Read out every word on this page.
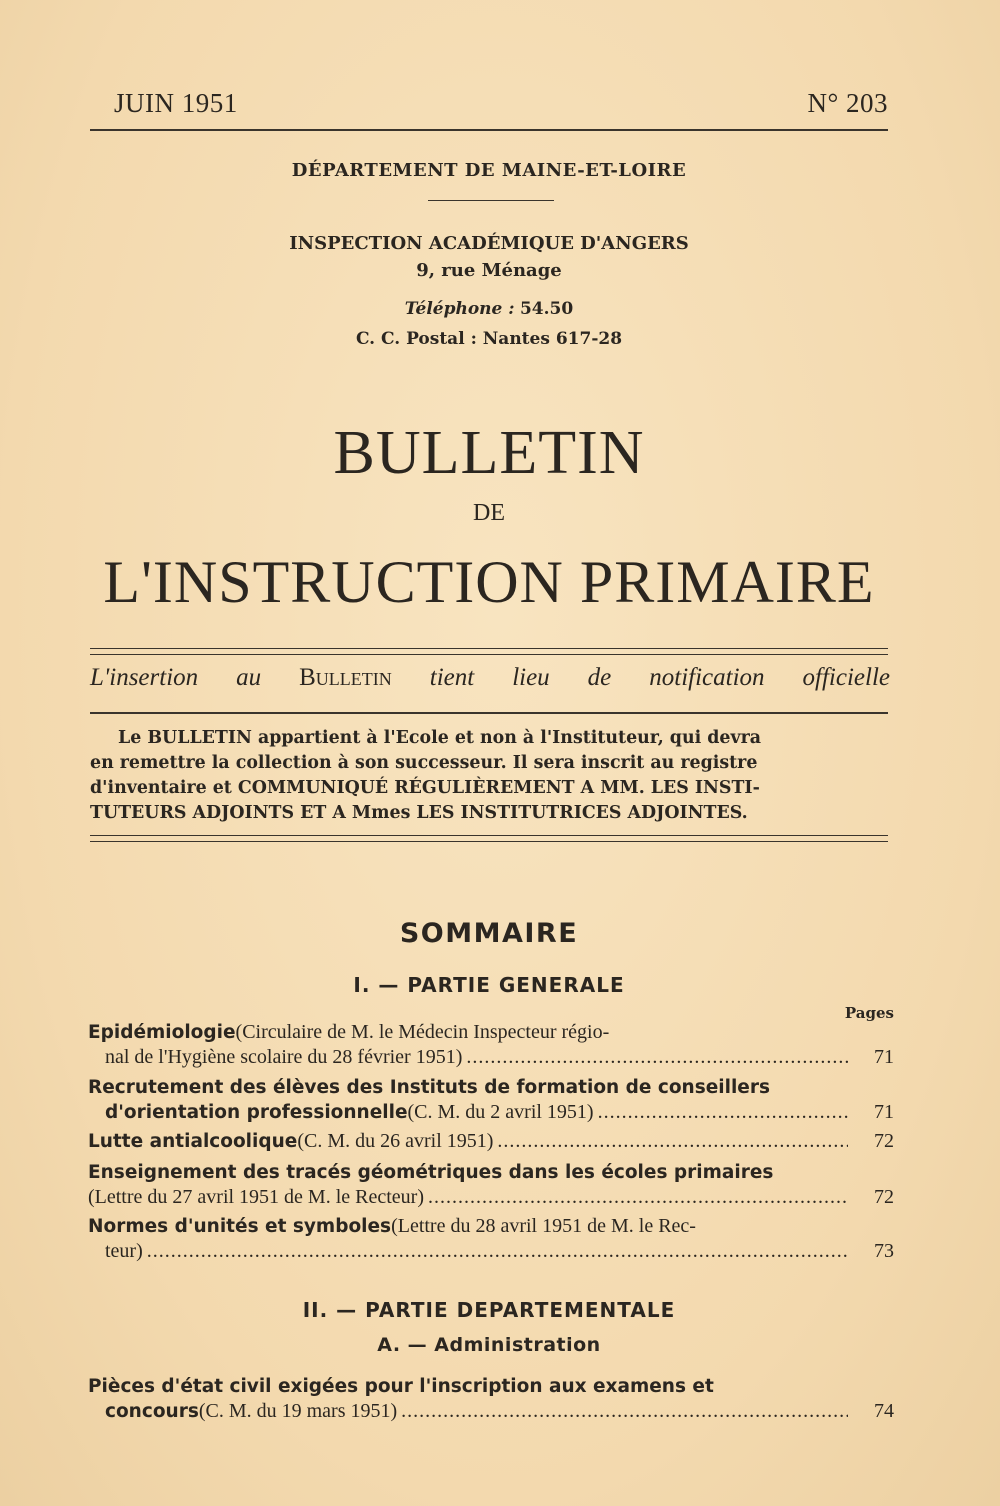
JUIN 1951	N° 203
DÉPARTEMENT DE MAINE-ET-LOIRE
INSPECTION ACADÉMIQUE D'ANGERS
9, rue Ménage
Téléphone : 54.50
C. C. Postal : Nantes 617-28
BULLETIN
DE
L'INSTRUCTION PRIMAIRE
L'insertion au Bulletin tient lieu de notification officielle

Le BULLETIN appartient à l'Ecole et non à l'Instituteur, qui devra

en remettre la collection à son successeur. Il sera inscrit au registre

d'inventaire et COMMUNIQUÉ RÉGULIÈREMENT A MM. LES INSTI-

TUTEURS ADJOINTS ET A Mmes LES INSTITUTRICES ADJOINTES.

SOMMAIRE
I. — PARTIE GENERALE
Pages
Epidémiologie (Circulaire de M. le Médecin Inspecteur régio-
nal de l'Hygiène scolaire du 28 février 1951) .....	71
Recrutement des élèves des Instituts de formation de conseillers
d'orientation professionnelle (C. M. du 2 avril 1951) .....	71
Lutte antialcoolique (C. M. du 26 avril 1951) .....	72
Enseignement des tracés géométriques dans les écoles primaires
(Lettre du 27 avril 1951 de M. le Recteur) .....	72
Normes d'unités et symboles (Lettre du 28 avril 1951 de M. le Rec-
teur) .....	73
II. — PARTIE DEPARTEMENTALE
A. — Administration
Pièces d'état civil exigées pour l'inscription aux examens et
concours (C. M. du 19 mars 1951) .....	74
